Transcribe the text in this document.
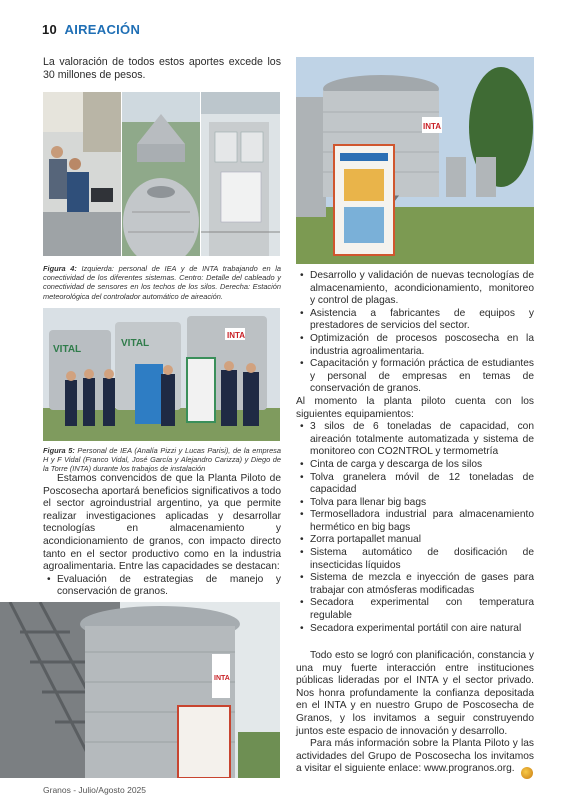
10 AIREACIÓN

La valoración de todos estos aportes excede los 30 millones de pesos.

Figura 4: Izquierda: personal de IEA y de INTA trabajando en la conectividad de los diferentes sistemas. Centro: Detalle del cableado y conectividad de sensores en los techos de los silos. Derecha: Estación meteorológica del controlador automático de aireación.

INTA
VITAL
VITAL

Figura 5: Personal de IEA (Analía Pizzi y Lucas Parisi), de la empresa H y F Vidal (Franco Vidal, José García y Alejandro Carizza) y Diego de la Torre (INTA) durante los trabajos de instalación

Estamos convencidos de que la Planta Piloto de Poscosecha aportará beneficios significativos a todo el sector agroindustrial argentino, ya que permite realizar investigaciones aplicadas y desarrollar tecnologías en almacenamiento y acondicionamiento de granos, con impacto directo tanto en el sector productivo como en la industria agroalimentaria. Entre las capacidades se destacan:

• Evaluación de estrategias de manejo y conservación de granos.
INTA
INTA
• Desarrollo y validación de nuevas tecnologías de almacenamiento, acondicionamiento, monitoreo y control de plagas.
• Asistencia a fabricantes de equipos y prestadores de servicios del sector.
• Optimización de procesos poscosecha en la industria agroalimentaria.
• Capacitación y formación práctica de estudiantes y personal de empresas en temas de conservación de granos.

Al momento la planta piloto cuenta con los siguientes equipamientos:

• 3 silos de 6 toneladas de capacidad, con aireación totalmente automatizada y sistema de monitoreo con CO2NTROL y termometría
• Cinta de carga y descarga de los silos
• Tolva granelera móvil de 12 toneladas de capacidad
• Tolva para llenar big bags
• Termoselladora industrial para almacenamiento hermético en big bags
• Zorra portapallet manual
• Sistema automático de dosificación de insecticidas líquidos
• Sistema de mezcla e inyección de gases para trabajar con atmósferas modificadas
• Secadora experimental con temperatura regulable
• Secadora experimental portátil con aire natural

Todo esto se logró con planificación, constancia y una muy fuerte interacción entre instituciones públicas lideradas por el INTA y el sector privado. Nos honra profundamente la confianza depositada en el INTA y en nuestro Grupo de Poscosecha de Granos, y los invitamos a seguir construyendo juntos este espacio de innovación y desarrollo.

Para más información sobre la Planta Piloto y las actividades del Grupo de Poscosecha los invitamos a visitar el siguiente enlace: www.progranos.org.

Granos - Julio/Agosto 2025
